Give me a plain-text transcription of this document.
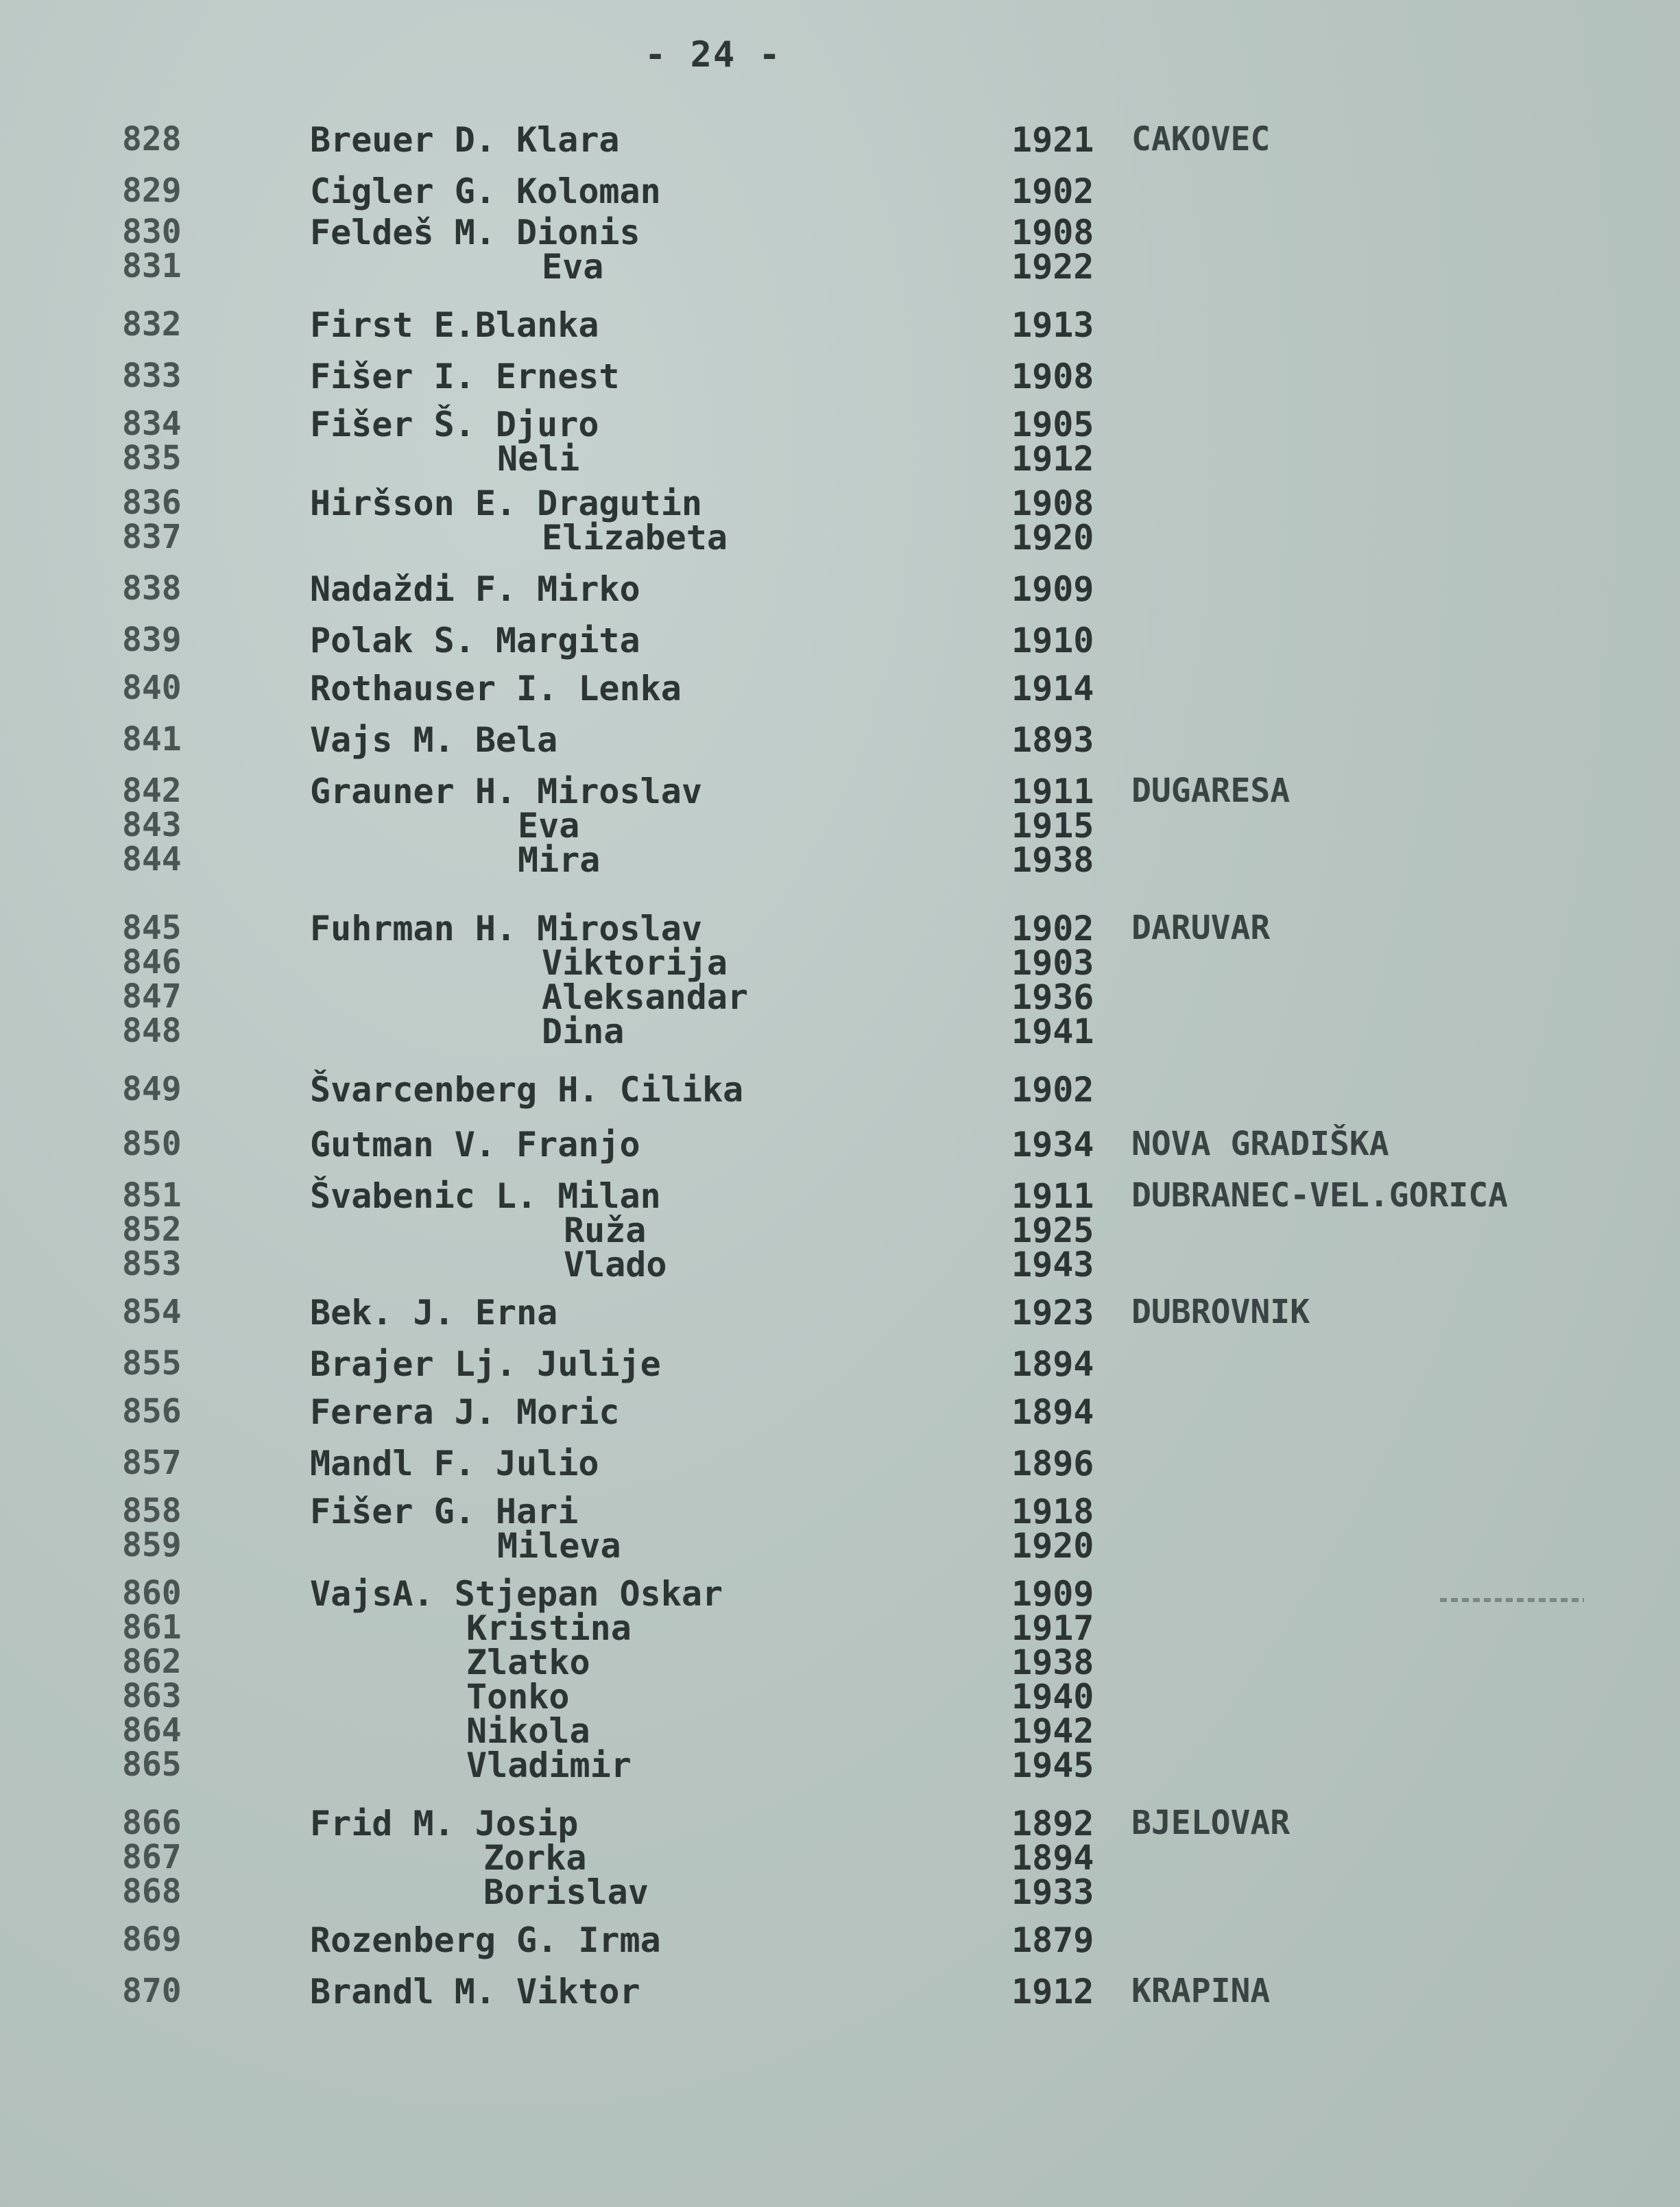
- 24 -
828	Breuer D. Klara	1921 CAKOVEC
829	Cigler G. Koloman	1902
830	Feldeš M. Dionis	1908
831	Eva	1922
832	First E.Blanka	1913
833	Fišer I. Ernest	1908
834	Fišer Š. Djuro	1905
835	Neli	1912
836	Hiršson E. Dragutin	1908
837	Elizabeta	1920
838	Nadaždi F. Mirko	1909
839	Polak S. Margita	1910
840	Rothauser I. Lenka	1914
841	Vajs M. Bela	1893
842	Grauner H. Miroslav	1911 DUGARESA
843	Eva	1915
844	Mira	1938
845	Fuhrman H. Miroslav	1902 DARUVAR
846	Viktorija	1903
847	Aleksandar	1936
848	Dina	1941
849	Švarcenberg H. Cilika	1902
850	Gutman V. Franjo	1934 NOVA GRADIŠKA
851	Švabenic L. Milan	1911 DUBRANEC-VEL.GORICA
852	Ruža	1925
853	Vlado	1943
854	Bek. J. Erna	1923 DUBROVNIK
855	Brajer Lj. Julije	1894
856	Ferera J. Moric	1894
857	Mandl F. Julio	1896
858	Fišer G. Hari	1918
859	Mileva	1920
860	VajsA. Stjepan Oskar	1909
861	Kristina	1917
862	Zlatko	1938
863	Tonko	1940
864	Nikola	1942
865	Vladimir	1945
866	Frid M. Josip	1892 BJELOVAR
867	Zorka	1894
868	Borislav	1933
869	Rozenberg G. Irma	1879
870	Brandl M. Viktor	1912 KRAPINA
